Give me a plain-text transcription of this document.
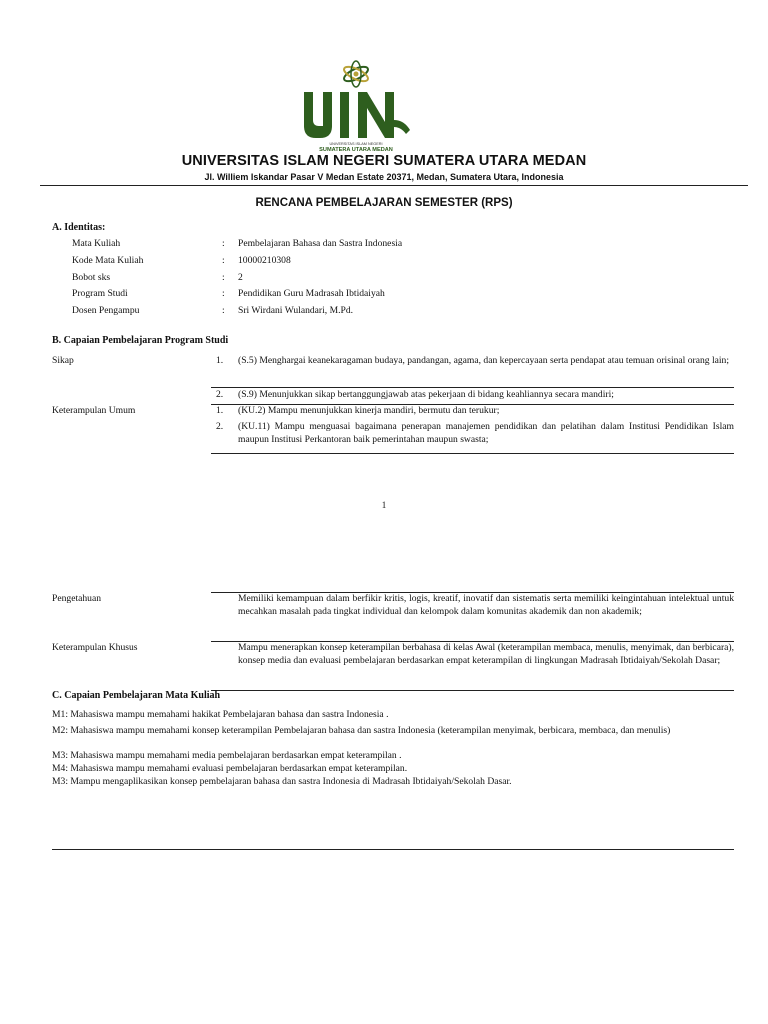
UNIVERSITAS ISLAM NEGERI
SUMATERA UTARA MEDAN
UNIVERSITAS ISLAM NEGERI SUMATERA UTARA MEDAN
Jl. Williem Iskandar Pasar V Medan Estate 20371, Medan, Sumatera Utara, Indonesia
RENCANA PEMBELAJARAN SEMESTER (RPS)
A. Identitas:
Mata Kuliah	: Pembelajaran Bahasa dan Sastra Indonesia
Kode Mata Kuliah	: 10000210308
Bobot sks	: 2
Program Studi	: Pendidikan Guru Madrasah Ibtidaiyah
Dosen Pengampu	: Sri Wirdani Wulandari, M.Pd.
B. Capaian Pembelajaran Program Studi
Sikap	1. (S.5) Menghargai keanekaragaman budaya, pandangan, agama, dan kepercayaan serta pendapat atau temuan orisinal orang lain;
2. (S.9) Menunjukkan sikap bertanggungjawab atas pekerjaan di bidang keahliannya secara mandiri;
Keterampulan Umum	1. (KU.2) Mampu menunjukkan kinerja mandiri, bermutu dan terukur;
2. (KU.11) Mampu menguasai bagaimana penerapan manajemen pendidikan dan pelatihan dalam Institusi Pendidikan Islam maupun Institusi Perkantoran baik pemerintahan maupun swasta;
1
Pengetahuan	Memiliki kemampuan dalam berfikir kritis, logis, kreatif, inovatif dan sistematis serta memiliki keingintahuan intelektual untuk mecahkan masalah pada tingkat individual dan kelompok dalam komunitas akademik dan non akademik;
Keterampulan Khusus	Mampu menerapkan konsep keterampilan berbahasa di kelas Awal (keterampilan membaca, menulis, menyimak, dan berbicara), konsep media dan evaluasi pembelajaran berdasarkan empat keterampilan di lingkungan Madrasah Ibtidaiyah/Sekolah Dasar;
C. Capaian Pembelajaran Mata Kuliah
M1: Mahasiswa mampu memahami hakikat Pembelajaran bahasa dan sastra Indonesia .
M2: Mahasiswa mampu memahami konsep keterampilan Pembelajaran bahasa dan sastra Indonesia (keterampilan menyimak, berbicara, membaca, dan menulis)
M3: Mahasiswa mampu memahami media pembelajaran berdasarkan empat keterampilan .
M4: Mahasiswa mampu memahami evaluasi pembelajaran berdasarkan empat keterampilan.
M3: Mampu mengaplikasikan konsep pembelajaran bahasa dan sastra Indonesia di Madrasah Ibtidaiyah/Sekolah Dasar.
